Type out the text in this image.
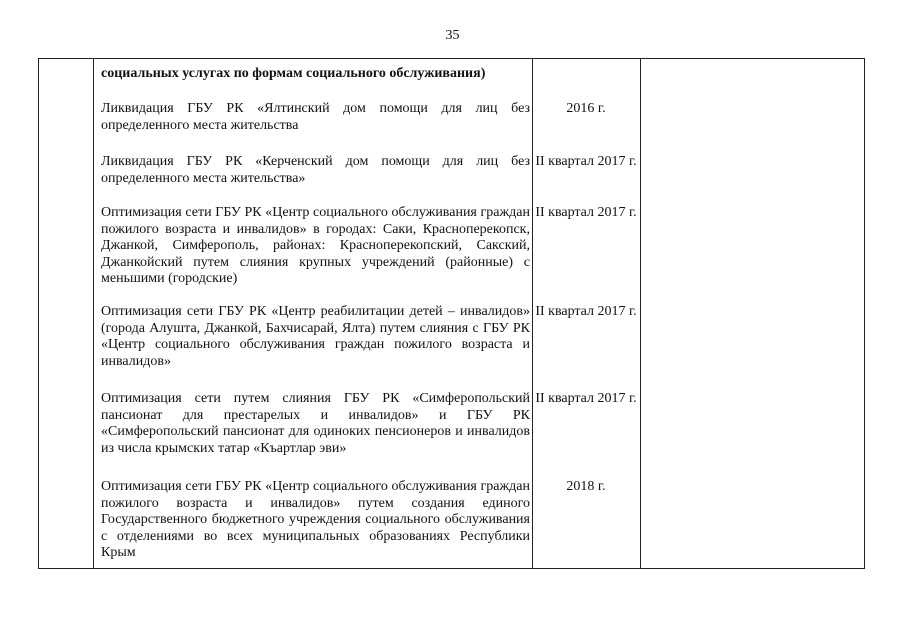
35
социальных услугах по формам социального обслуживания)
Ликвидация ГБУ РК «Ялтинский дом помощи для лиц без определенного места жительства
2016 г.
Ликвидация ГБУ РК «Керченский дом помощи для лиц без определенного места жительства»
II квартал 2017 г.
Оптимизация сети ГБУ РК «Центр социального обслуживания граждан пожилого возраста и инвалидов» в городах: Саки, Красноперекопск, Джанкой, Симферополь, районах: Красноперекопский, Сакский, Джанкойский путем слияния крупных учреждений (районные) с меньшими (городские)
II квартал 2017 г.
Оптимизация сети ГБУ РК «Центр реабилитации детей – инвалидов» (города Алушта, Джанкой, Бахчисарай, Ялта) путем слияния с ГБУ РК «Центр социального обслуживания граждан пожилого возраста и инвалидов»
II квартал 2017 г.
Оптимизация сети путем слияния ГБУ РК «Симферопольский пансионат для престарелых и инвалидов» и ГБУ РК «Симферопольский пансионат для одиноких пенсионеров и инвалидов из числа крымских татар «Къартлар эви»
II квартал 2017 г.
Оптимизация сети ГБУ РК «Центр социального обслуживания граждан пожилого возраста и инвалидов» путем создания единого Государственного бюджетного учреждения социального обслуживания с отделениями во всех муниципальных образованиях Республики Крым
2018 г.
